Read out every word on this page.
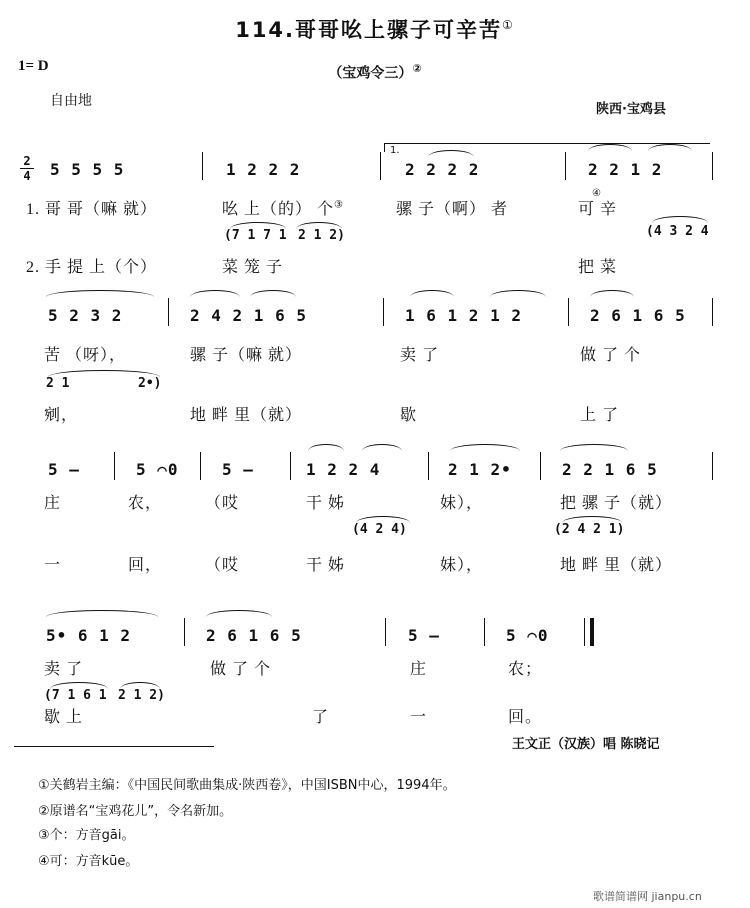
114.哥哥吆上骡子可辛苦①
（宝鸡令三）②
1= D
自由地
陕西·宝鸡县
2
4
1.
5 5 5 5	1 2 2 2	2 2 2 2	2 2 1 2
1. 哥 哥（嘛 就）	吆 上（的） 个③	骡 子（啊） 者	可 辛
④
(7 1 7 1 2 1 2)	(4 3 2 4
2. 手 提 上（个）	菜 笼 子	把 菜
5 2 3 2	2 4 2 1 6 5	1 6 1 2 1 2	2 6 1 6 5
苦 （呀），	骡 子（嘛 就）	卖 了	做 了 个
2 1	2•)
剜，	地 畔 里（就）	歇	上 了
5 —	5 ⌒0	5 —	1 2 2 4	2 1 2•	2 2 1 6 5
庄	农，	（哎	干 姊	妹），	把 骡 子（就）
(4 2 4)	(2 4 2 1)
一	回，	（哎	干 姊	妹），	地 畔 里（就）
5• 6 1 2	2 6 1 6 5	5 —	5 ⌒0
卖 了	做 了 个	庄	农；
(7 1 6 1 2 1 2)
歇 上	了	一	回。
王文正（汉族）唱 陈晓记
①关鹤岩主编：《中国民间歌曲集成·陕西卷》，中国ISBN中心，1994年。
②原谱名“宝鸡花儿”，令名新加。
③个：方音gāi。
④可：方音kūe。
歌谱简谱网 jianpu.cn
